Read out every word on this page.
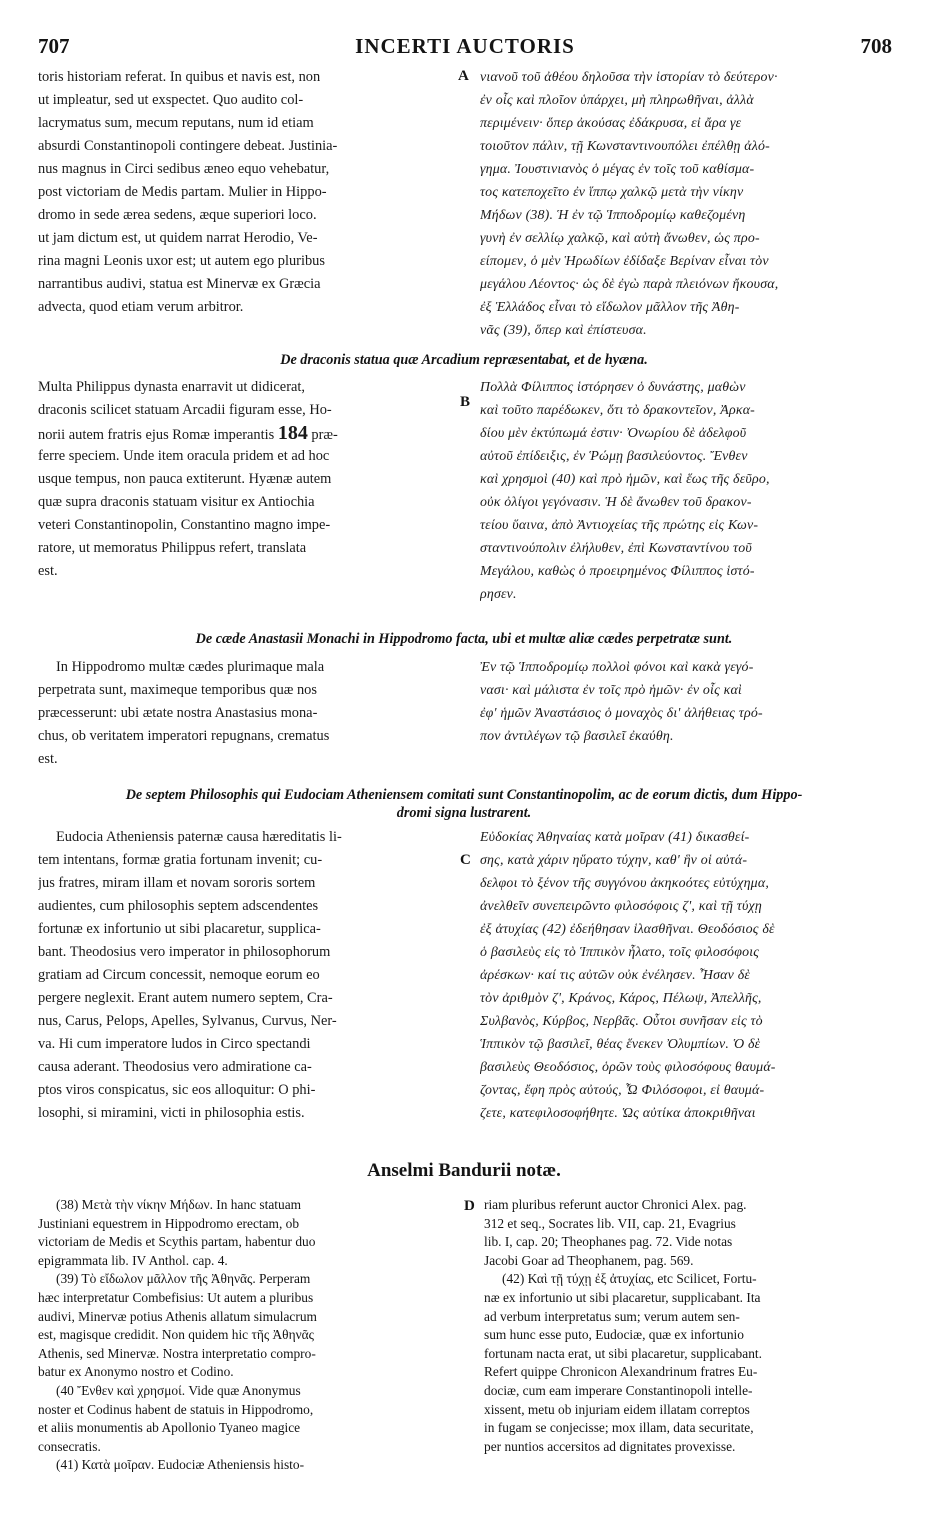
707	INCERTI AUCTORIS	708
toris historiam referat. In quibus et navis est, non
ut impleatur, sed ut exspectet. Quo audito col-
lacrymatus sum, mecum reputans, num id etiam
absurdi Constantinopoli contingere debeat. Justinia-
nus magnus in Circi sedibus æneo equo vehebatur,
post victoriam de Medis partam. Mulier in Hippo-
dromo in sede ærea sedens, æque superiori loco.
ut jam dictum est, ut quidem narrat Herodio, Ve-
rina magni Leonis uxor est; ut autem ego pluribus
narrantibus audivi, statua est Minervæ ex Græcia
advecta, quod etiam verum arbitror.
A νιανοῦ τοῦ ἀθέου δηλοῦσα τὴν ἱστορίαν τὸ δεύτερον·
ἐν οἷς καὶ πλοῖον ὑπάρχει, μὴ πληρωθῆναι, ἀλλὰ
περιμένειν· ὅπερ ἀκούσας ἐδάκρυσα, εἰ ἄρα γε
τοιοῦτον πάλιν, τῇ Κωνσταντινουπόλει ἐπέλθῃ ἀλό-
γημα. Ἰουστινιανὸς ὁ μέγας ἐν τοῖς τοῦ καθίσμα-
τος κατεποχεῖτο ἐν ἵππῳ χαλκῷ μετὰ τὴν νίκην
Μήδων (38). Ἡ ἐν τῷ Ἱπποδρομίῳ καθεζομένη
γυνὴ ἐν σελλίῳ χαλκῷ, καὶ αὐτὴ ἄνωθεν, ὡς προ-
είπομεν, ὁ μὲν Ἡρωδίων ἐδίδαξε Βερίναν εἶναι τὸν
μεγάλου Λέοντος· ὡς δὲ ἐγὼ παρὰ πλειόνων ἤκουσα,
ἐξ Ἑλλάδος εἶναι τὸ εἴδωλον μᾶλλον τῆς Ἀθη-
νᾶς (39), ὅπερ καὶ ἐπίστευσα.
De draconis statua quæ Arcadium repræsentabat, et de hyæna.
Multa Philippus dynasta enarravit ut didicerat,
draconis scilicet statuam Arcadii figuram esse, Ho-
norii autem fratris ejus Romæ imperantis 184 præ-
ferre speciem. Unde item oracula pridem et ad hoc
usque tempus, non pauca extiterunt. Hyænæ autem
quæ supra draconis statuam visitur ex Antiochia
veteri Constantinopolin, Constantino magno impe-
ratore, ut memoratus Philippus refert, translata
est.
B
Πολλὰ Φίλιππος ἱστόρησεν ὁ δυνάστης, μαθὼν
καὶ τοῦτο παρέδωκεν, ὅτι τὸ δρακοντεῖον, Ἀρκα-
δίου μὲν ἐκτύπωμά ἐστιν· Ὀνωρίου δὲ ἀδελφοῦ
αὐτοῦ ἐπίδειξις, ἐν Ῥώμῃ βασιλεύοντος. Ἔνθεν
καὶ χρησμοὶ (40) καὶ πρὸ ἡμῶν, καὶ ἕως τῆς δεῦρο,
οὐκ ὀλίγοι γεγόνασιν. Ἡ δὲ ἄνωθεν τοῦ δρακον-
τείου ὕαινα, ἀπὸ Ἀντιοχείας τῆς πρώτης εἰς Κων-
σταντινούπολιν ἐλήλυθεν, ἐπὶ Κωνσταντίνου τοῦ
Μεγάλου, καθὼς ὁ προειρημένος Φίλιππος ἱστό-
ρησεν.
De cæde Anastasii Monachi in Hippodromo facta, ubi et multæ aliæ cædes perpetratæ sunt.
In Hippodromo multæ cædes plurimaque mala
perpetrata sunt, maximeque temporibus quæ nos
præcesserunt: ubi ætate nostra Anastasius mona-
chus, ob veritatem imperatori repugnans, crematus
est.
Ἐν τῷ Ἱπποδρομίῳ πολλοὶ φόνοι καὶ κακὰ γεγό-
νασι· καὶ μάλιστα ἐν τοῖς πρὸ ἡμῶν· ἐν οἷς καὶ
ἐφ' ἡμῶν Ἀναστάσιος ὁ μοναχὸς δι' ἀλήθειας τρό-
πον ἀντιλέγων τῷ βασιλεῖ ἐκαύθη.
De septem Philosophis qui Eudociam Atheniensem comitati sunt Constantinopolim, ac de eorum dictis, dum Hippo-
dromi signa lustrarent.
Eudocia Atheniensis paternæ causa hæreditatis li-
tem intentans, formæ gratia fortunam invenit; cu-
jus fratres, miram illam et novam sororis sortem
audientes, cum philosophis septem adscendentes
fortunæ ex infortunio ut sibi placaretur, supplica-
bant. Theodosius vero imperator in philosophorum
gratiam ad Circum concessit, nemoque eorum eo
pergere neglexit. Erant autem numero septem, Cra-
nus, Carus, Pelops, Apelles, Sylvanus, Curvus, Ner-
va. Hi cum imperatore ludos in Circo spectandi
causa aderant. Theodosius vero admiratione ca-
ptos viros conspicatus, sic eos alloquitur: O phi-
losophi, si miramini, victi in philosophia estis.
C
Εὐδοκίας Ἀθηναίας κατὰ μοῖραν (41) δικασθεί-
σης, κατὰ χάριν ηὕρατο τύχην, καθ' ἣν οἱ αὐτά-
δελφοι τὸ ξένον τῆς συγγόνου ἀκηκοότες εὐτύχημα,
ἀνελθεῖν συνεπειρῶντο φιλοσόφοις ζ', καὶ τῇ τύχῃ
ἐξ ἀτυχίας (42) ἐδεήθησαν ἱλασθῆναι. Θεοδόσιος δὲ
ὁ βασιλεὺς εἰς τὸ Ἱππικὸν ἧλατο, τοῖς φιλοσόφοις
ἀρέσκων· καί τις αὐτῶν οὐκ ἐνέλησεν. Ἦσαν δὲ
τὸν ἀριθμὸν ζ', Κράνος, Κάρος, Πέλωψ, Ἀπελλῆς,
Συλβανὸς, Κύρβος, Νερβᾶς. Οὗτοι συνῆσαν εἰς τὸ
Ἱππικὸν τῷ βασιλεῖ, θέας ἕνεκεν Ὀλυμπίων. Ὁ δὲ
βασιλεὺς Θεοδόσιος, ὁρῶν τοὺς φιλοσόφους θαυμά-
ζοντας, ἔφη πρὸς αὐτούς, Ὦ Φιλόσοφοι, εἰ θαυμά-
ζετε, κατεφιλοσοφήθητε. Ὡς αὐτίκα ἀποκριθῆναι
Anselmi Bandurii notæ.
(38) Μετὰ τὴν νίκην Μήδων. In hanc statuam
Justiniani equestrem in Hippodromo erectam, ob
victoriam de Medis et Scythis partam, habentur duo
epigrammata lib. IV Anthol. cap. 4.
(39) Τὸ εἴδωλον μᾶλλον τῆς Ἀθηνᾶς. Perperam
hæc interpretatur Combefisius: Ut autem a pluribus
audivi, Minervæ potius Athenis allatum simulacrum
est, magisque credidit. Non quidem hic τῆς Ἀθηνᾶς
Athenis, sed Minervæ. Nostra interpretatio compro-
batur ex Anonymo nostro et Codino.
(40 Ἔνθεν καὶ χρησμοί. Vide quæ Anonymus
noster et Codinus habent de statuis in Hippodromo,
et aliis monumentis ab Apollonio Tyaneo magice
consecratis.
(41) Κατὰ μοῖραν. Eudociæ Atheniensis histo-
D riam pluribus referunt auctor Chronici Alex. pag.
312 et seq., Socrates lib. VII, cap. 21, Evagrius
lib. I, cap. 20; Theophanes pag. 72. Vide notas
Jacobi Goar ad Theophanem, pag. 569.
(42) Καὶ τῇ τύχῃ ἐξ ἀτυχίας, etc Scilicet, Fortu-
næ ex infortunio ut sibi placaretur, supplicabant. Ita
ad verbum interpretatus sum; verum autem sen-
sum hunc esse puto, Eudociæ, quæ ex infortunio
fortunam nacta erat, ut sibi placaretur, supplicabant.
Refert quippe Chronicon Alexandrinum fratres Eu-
dociæ, cum eam imperare Constantinopoli intelle-
xissent, metu ob injuriam eidem illatam correptos
in fugam se conjecisse; mox illam, data securitate,
per nuntios accersitos ad dignitates provexisse.
